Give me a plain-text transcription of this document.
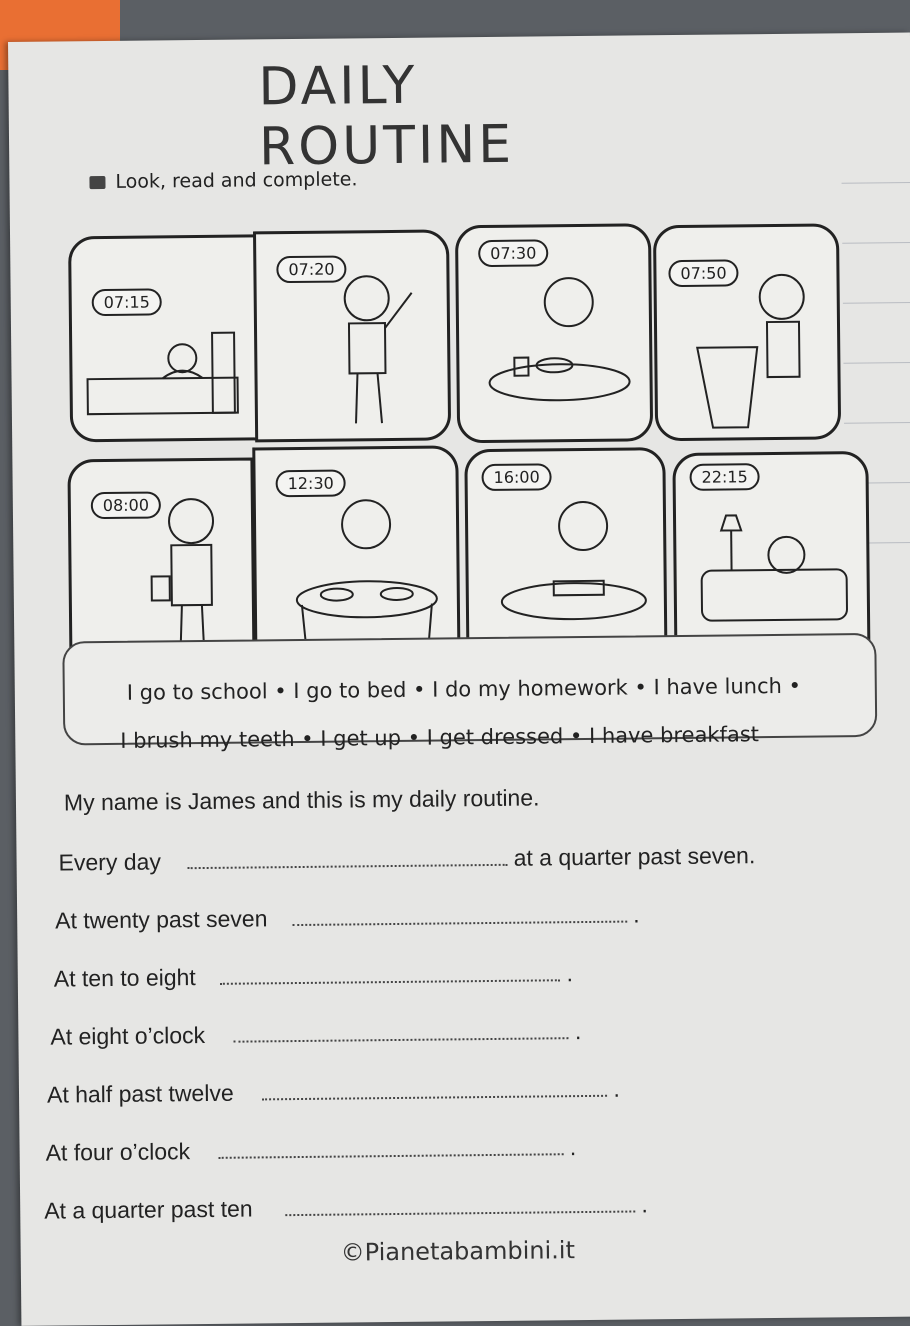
DAILY ROUTINE
Look, read and complete.
07:15
07:20
07:30
07:50
08:00
12:30	16:00	22:15

I go to school • I go to bed • I do my homework • I have lunch •

I brush my teeth • I get up • I get dressed • I have breakfast

My name is James and this is my daily routine.
Every day	at a quarter past seven.
At twenty past seven	.
At ten to eight	.
At eight o’clock	.
At half past twelve	.
At four o’clock	.
At a quarter past ten	.
©Pianetabambini.it
